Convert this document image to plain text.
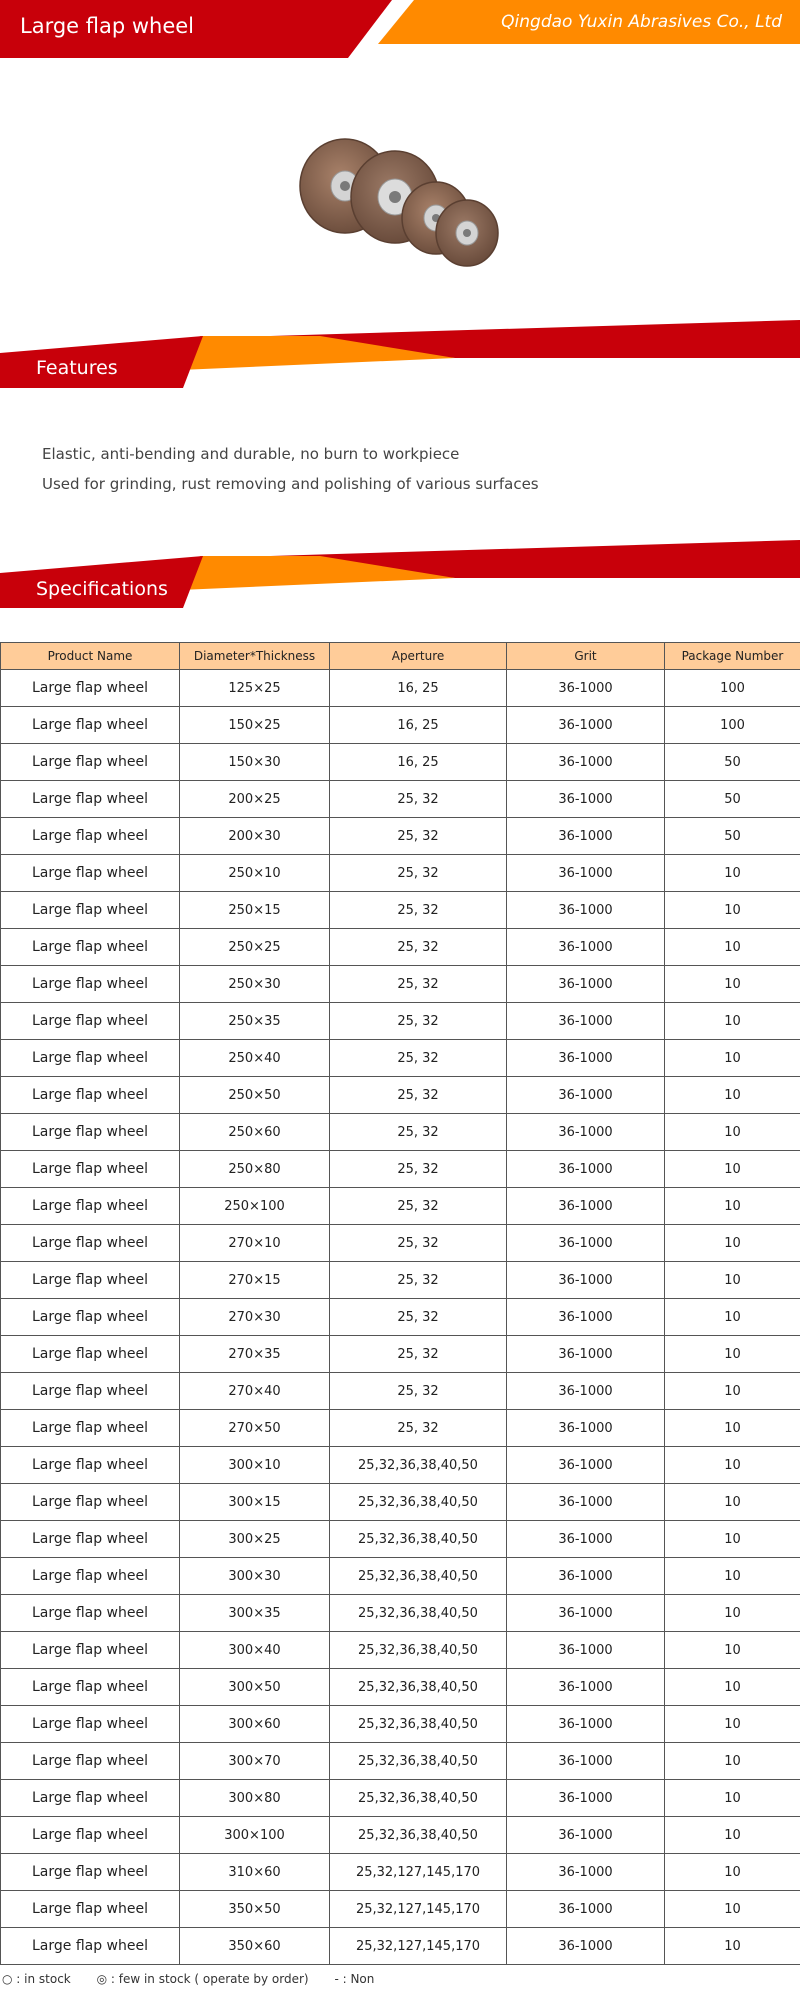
Large flap wheel	Qingdao Yuxin Abrasives Co., Ltd
Features
Elastic, anti-bending and durable, no burn to workpiece
Used for grinding, rust removing and polishing of various surfaces
Specifications
Product Name	Diameter*Thickness	Aperture	Grit	Package Number
Large flap wheel	125×25	16, 25	36-1000	100
Large flap wheel	150×25	16, 25	36-1000	100
Large flap wheel	150×30	16, 25	36-1000	50
Large flap wheel	200×25	25, 32	36-1000	50
Large flap wheel	200×30	25, 32	36-1000	50
Large flap wheel	250×10	25, 32	36-1000	10
Large flap wheel	250×15	25, 32	36-1000	10
Large flap wheel	250×25	25, 32	36-1000	10
Large flap wheel	250×30	25, 32	36-1000	10
Large flap wheel	250×35	25, 32	36-1000	10
Large flap wheel	250×40	25, 32	36-1000	10
Large flap wheel	250×50	25, 32	36-1000	10
Large flap wheel	250×60	25, 32	36-1000	10
Large flap wheel	250×80	25, 32	36-1000	10
Large flap wheel	250×100	25, 32	36-1000	10
Large flap wheel	270×10	25, 32	36-1000	10
Large flap wheel	270×15	25, 32	36-1000	10
Large flap wheel	270×30	25, 32	36-1000	10
Large flap wheel	270×35	25, 32	36-1000	10
Large flap wheel	270×40	25, 32	36-1000	10
Large flap wheel	270×50	25, 32	36-1000	10
Large flap wheel	300×10	25,32,36,38,40,50	36-1000	10
Large flap wheel	300×15	25,32,36,38,40,50	36-1000	10
Large flap wheel	300×25	25,32,36,38,40,50	36-1000	10
Large flap wheel	300×30	25,32,36,38,40,50	36-1000	10
Large flap wheel	300×35	25,32,36,38,40,50	36-1000	10
Large flap wheel	300×40	25,32,36,38,40,50	36-1000	10
Large flap wheel	300×50	25,32,36,38,40,50	36-1000	10
Large flap wheel	300×60	25,32,36,38,40,50	36-1000	10
Large flap wheel	300×70	25,32,36,38,40,50	36-1000	10
Large flap wheel	300×80	25,32,36,38,40,50	36-1000	10
Large flap wheel	300×100	25,32,36,38,40,50	36-1000	10
Large flap wheel	310×60	25,32,127,145,170	36-1000	10
Large flap wheel	350×50	25,32,127,145,170	36-1000	10
Large flap wheel	350×60	25,32,127,145,170	36-1000	10
○ : in stock ◎ : few in stock ( operate by order) - : Non
